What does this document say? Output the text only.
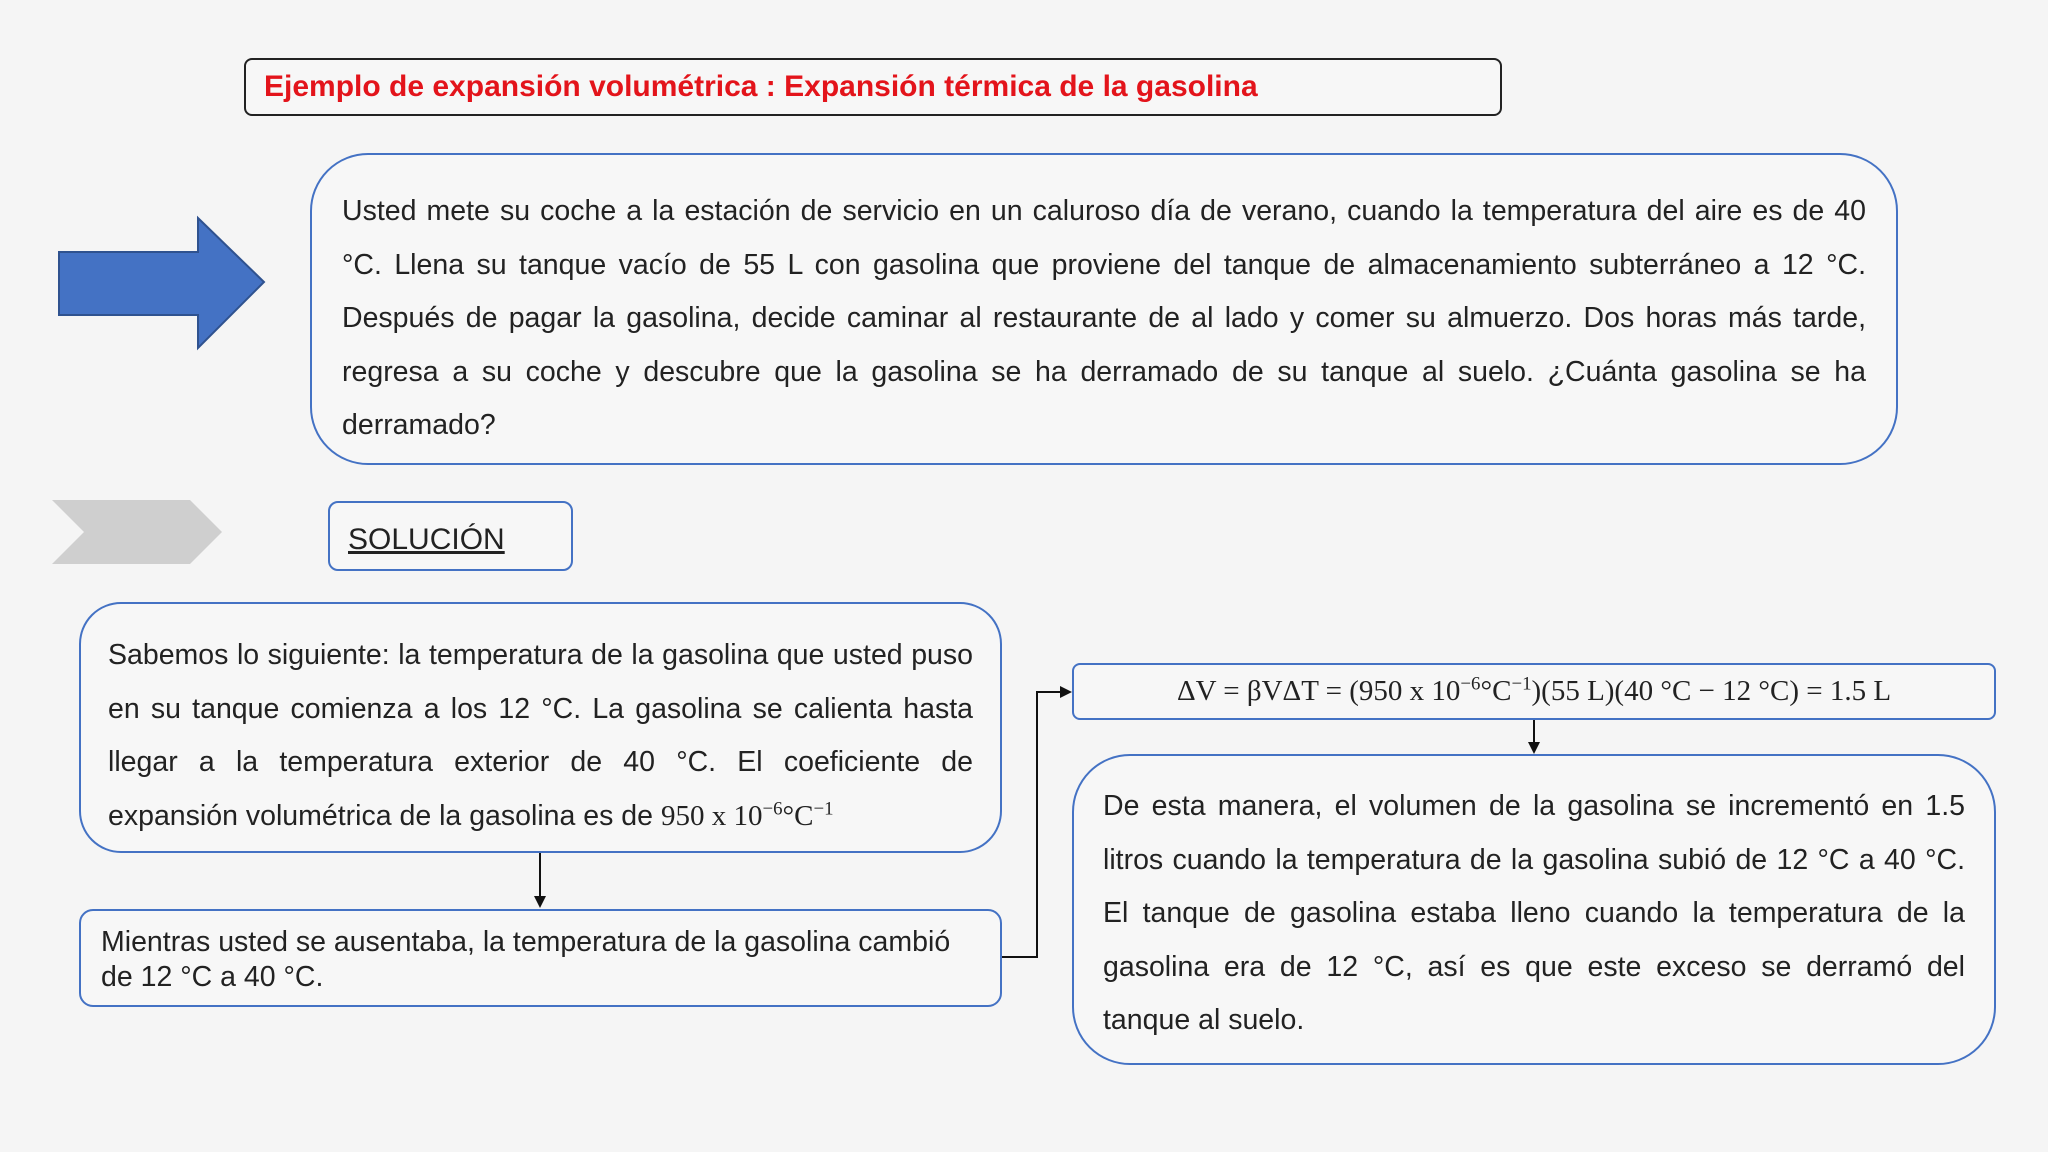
Ejemplo de expansión volumétrica : Expansión térmica de la gasolina

Usted mete su coche a la estación de servicio en un caluroso día de verano, cuando la temperatura del aire es de 40 °C. Llena su tanque vacío de 55 L con gasolina que proviene del tanque de almacenamiento subterráneo a 12 °C. Después de pagar la gasolina, decide caminar al restaurante de al lado y comer su almuerzo. Dos horas más tarde, regresa a su coche y descubre que la gasolina se ha derramado de su tanque al suelo. ¿Cuánta gasolina se ha derramado?

SOLUCIÓN

Sabemos lo siguiente: la temperatura de la gasolina que usted puso en su tanque comienza a los 12 °C. La gasolina se calienta hasta llegar a la temperatura exterior de 40 °C. El coeficiente de expansión volumétrica de la gasolina es de 950 x $10^{-6}^\circ C^{-1}$

Mientras usted se ausentaba, la temperatura de la gasolina cambió de 12 °C a 40 °C.

ΔV = βVΔT = (950 x $10^{-6}^\circ C^{-1})(55$ L)(40 °C − 12 °C) = 1.5 L

De esta manera, el volumen de la gasolina se incrementó en 1.5 litros cuando la temperatura de la gasolina subió de 12 °C a 40 °C. El tanque de gasolina estaba lleno cuando la temperatura de la gasolina era de 12 °C, así es que este exceso se derramó del tanque al suelo.
